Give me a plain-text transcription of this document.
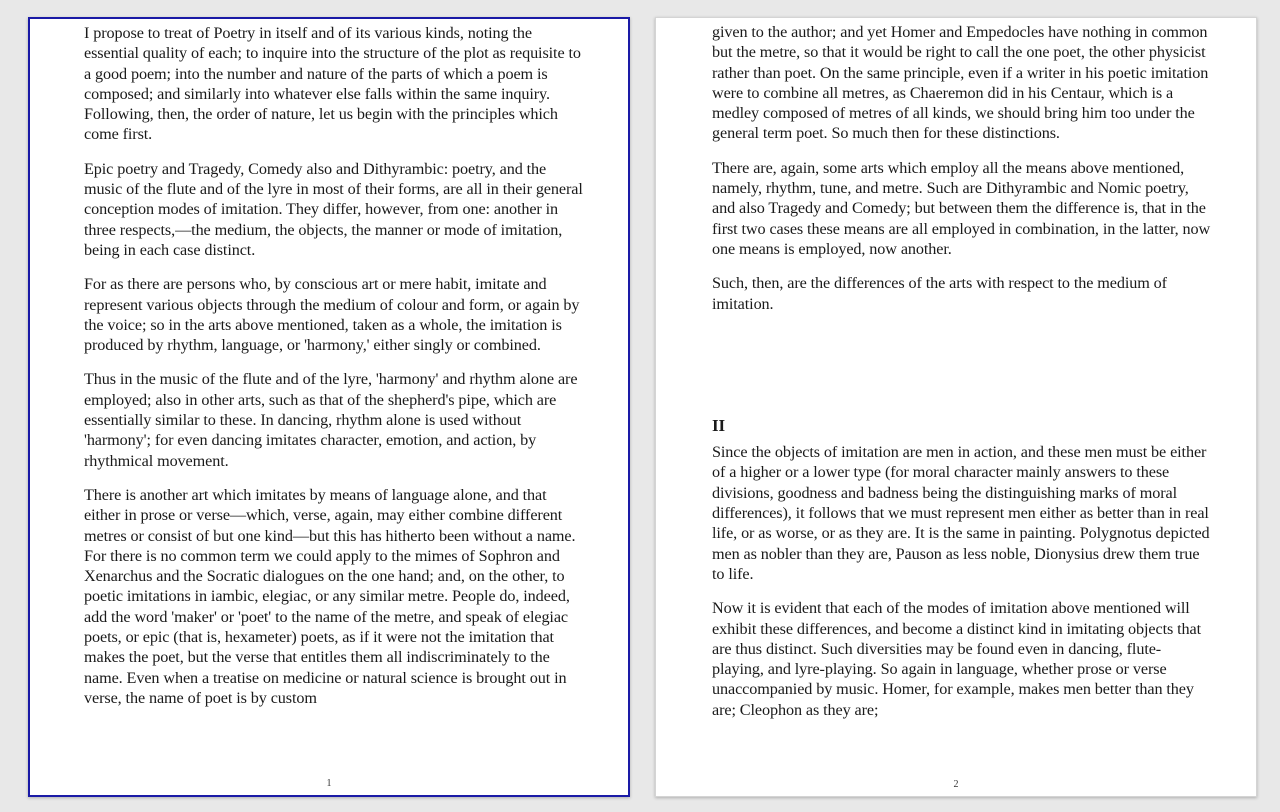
I propose to treat of Poetry in itself and of its various kinds, noting the essential quality of each; to inquire into the structure of the plot as requisite to a good poem; into the number and nature of the parts of which a poem is composed; and similarly into whatever else falls within the same inquiry. Following, then, the order of nature, let us begin with the principles which come first.

Epic poetry and Tragedy, Comedy also and Dithyrambic: poetry, and the music of the flute and of the lyre in most of their forms, are all in their general conception modes of imitation. They differ, however, from one: another in three respects,—the medium, the objects, the manner or mode of imitation, being in each case distinct.

For as there are persons who, by conscious art or mere habit, imitate and represent various objects through the medium of colour and form, or again by the voice; so in the arts above mentioned, taken as a whole, the imitation is produced by rhythm, language, or 'harmony,' either singly or combined.

Thus in the music of the flute and of the lyre, 'harmony' and rhythm alone are employed; also in other arts, such as that of the shepherd's pipe, which are essentially similar to these. In dancing, rhythm alone is used without 'harmony'; for even dancing imitates character, emotion, and action, by rhythmical movement.

There is another art which imitates by means of language alone, and that either in prose or verse—which, verse, again, may either combine different metres or consist of but one kind—but this has hitherto been without a name. For there is no common term we could apply to the mimes of Sophron and Xenarchus and the Socratic dialogues on the one hand; and, on the other, to poetic imitations in iambic, elegiac, or any similar metre. People do, indeed, add the word 'maker' or 'poet' to the name of the metre, and speak of elegiac poets, or epic (that is, hexameter) poets, as if it were not the imitation that makes the poet, but the verse that entitles them all indiscriminately to the name. Even when a treatise on medicine or natural science is brought out in verse, the name of poet is by custom

1

given to the author; and yet Homer and Empedocles have nothing in common but the metre, so that it would be right to call the one poet, the other physicist rather than poet. On the same principle, even if a writer in his poetic imitation were to combine all metres, as Chaeremon did in his Centaur, which is a medley composed of metres of all kinds, we should bring him too under the general term poet. So much then for these distinctions.

There are, again, some arts which employ all the means above mentioned, namely, rhythm, tune, and metre. Such are Dithyrambic and Nomic poetry, and also Tragedy and Comedy; but between them the difference is, that in the first two cases these means are all employed in combination, in the latter, now one means is employed, now another.

Such, then, are the differences of the arts with respect to the medium of imitation.

II

Since the objects of imitation are men in action, and these men must be either of a higher or a lower type (for moral character mainly answers to these divisions, goodness and badness being the distinguishing marks of moral differences), it follows that we must represent men either as better than in real life, or as worse, or as they are. It is the same in painting. Polygnotus depicted men as nobler than they are, Pauson as less noble, Dionysius drew them true to life.

Now it is evident that each of the modes of imitation above mentioned will exhibit these differences, and become a distinct kind in imitating objects that are thus distinct. Such diversities may be found even in dancing, flute-playing, and lyre-playing. So again in language, whether prose or verse unaccompanied by music. Homer, for example, makes men better than they are; Cleophon as they are;

2
